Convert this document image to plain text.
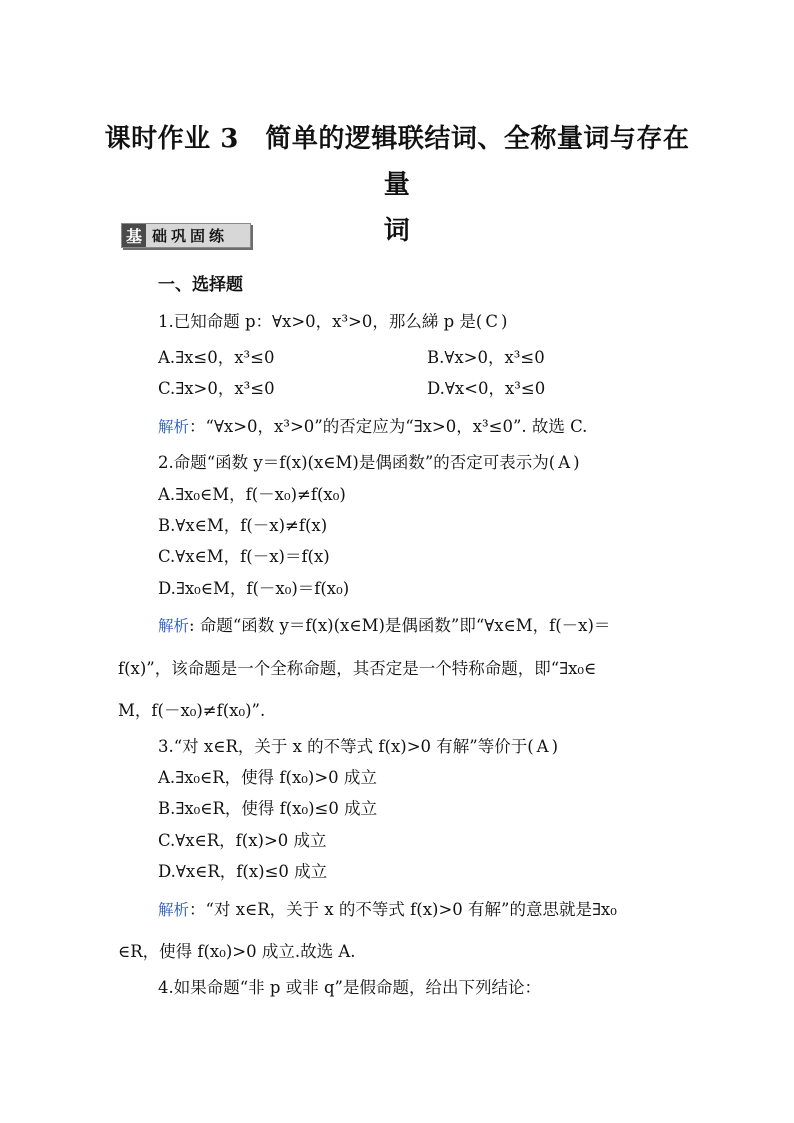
课时作业 3　简单的逻辑联结词、全称量词与存在量
词
基 础巩固练
一、选择题
1.已知命题 p：∀x>0，x³>0，那么綈 p 是( C )
A.∃x≤0，x³≤0	B.∀x>0，x³≤0
C.∃x>0，x³≤0	D.∀x<0，x³≤0
解析：“∀x>0，x³>0”的否定应为“∃x>0，x³≤0”. 故选 C.
2.命题“函数 y＝f(x)(x∈M)是偶函数”的否定可表示为( A )
A.∃x₀∈M，f(－x₀)≠f(x₀)
B.∀x∈M，f(－x)≠f(x)
C.∀x∈M，f(－x)＝f(x)
D.∃x₀∈M，f(－x₀)＝f(x₀)
解析: 命题“函数 y＝f(x)(x∈M)是偶函数”即“∀x∈M，f(－x)＝
f(x)”，该命题是一个全称命题，其否定是一个特称命题，即“∃x₀∈
M，f(－x₀)≠f(x₀)”.
3.“对 x∈R，关于 x 的不等式 f(x)>0 有解”等价于( A )
A.∃x₀∈R，使得 f(x₀)>0 成立
B.∃x₀∈R，使得 f(x₀)≤0 成立
C.∀x∈R，f(x)>0 成立
D.∀x∈R，f(x)≤0 成立
解析：“对 x∈R，关于 x 的不等式 f(x)>0 有解”的意思就是∃x₀
∈R，使得 f(x₀)>0 成立.故选 A.
4.如果命题“非 p 或非 q”是假命题，给出下列结论：
